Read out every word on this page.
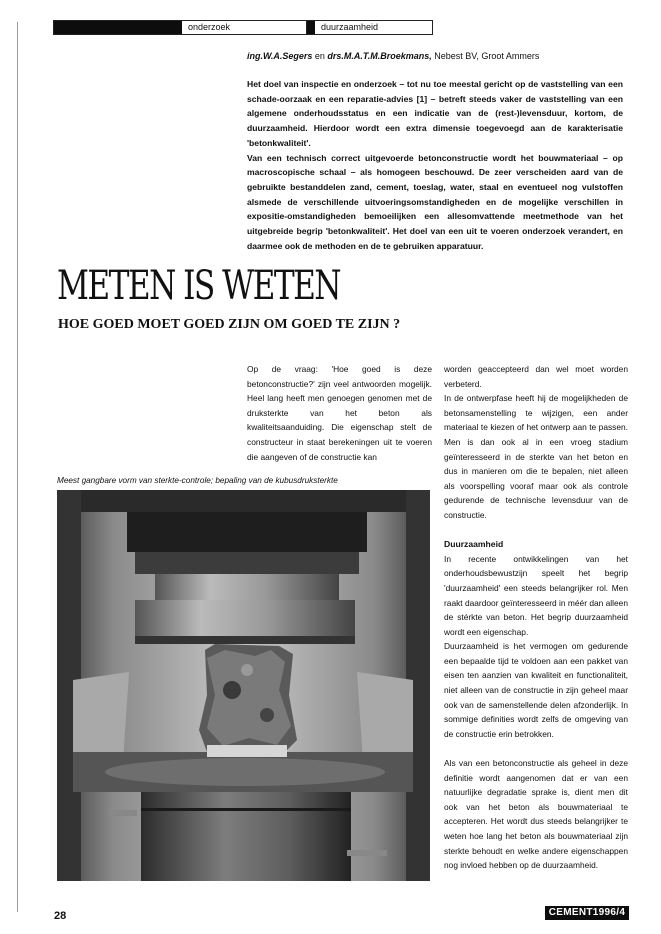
onderzoek	duurzaamheid
ing.W.A.Segers en drs.M.A.T.M.Broekmans, Nebest BV, Groot Ammers

Het doel van inspectie en onderzoek – tot nu toe meestal gericht op de vaststelling van een schade-oorzaak en een reparatie-advies [1] – betreft steeds vaker de vaststelling van een algemene onderhoudsstatus en een indicatie van de (rest-)levensduur, kortom, de duurzaamheid. Hierdoor wordt een extra dimensie toegevoegd aan de karakterisatie 'betonkwaliteit'.

Van een technisch correct uitgevoerde betonconstructie wordt het bouwmateriaal – op macroscopische schaal – als homogeen beschouwd. De zeer verscheiden aard van de gebruikte bestanddelen zand, cement, toeslag, water, staal en eventueel nog vulstoffen alsmede de verschillende uitvoeringsomstandigheden en de mogelijke verschillen in expositie-omstandigheden bemoeilijken een allesomvattende meetmethode van het uitgebreide begrip 'betonkwaliteit'. Het doel van een uit te voeren onderzoek verandert, en daarmee ook de methoden en de te gebruiken apparatuur.

METEN IS WETEN
HOE GOED MOET GOED ZIJN OM GOED TE ZIJN ?
Op de vraag: 'Hoe goed is deze betonconstructie?' zijn veel antwoorden mogelijk. Heel lang heeft men genoegen genomen met de druksterkte van het beton als kwaliteitsaanduiding. Die eigenschap stelt de constructeur in staat berekeningen uit te voeren die aangeven of de constructie kan
Meest gangbare vorm van sterkte-controle; bepaling van de kubusdruksterkte

worden geaccepteerd dan wel moet worden verbeterd.

In de ontwerpfase heeft hij de mogelijkheden de betonsamenstelling te wijzigen, een ander materiaal te kiezen of het ontwerp aan te passen. Men is dan ook al in een vroeg stadium geïnteresseerd in de sterkte van het beton en dus in manieren om die te bepalen, niet alleen als voorspelling vooraf maar ook als controle gedurende de technische levensduur van de constructie.

Duurzaamheid

In recente ontwikkelingen van het onderhoudsbewustzijn speelt het begrip 'duurzaamheid' een steeds belangrijker rol. Men raakt daardoor geïnteresseerd in méér dan alleen de stérkte van beton. Het begrip duurzaamheid wordt een eigenschap.

Duurzaamheid is het vermogen om gedurende een bepaalde tijd te voldoen aan een pakket van eisen ten aanzien van kwaliteit en functionaliteit, niet alleen van de constructie in zijn geheel maar ook van de samenstellende delen afzonderlijk. In sommige definities wordt zelfs de omgeving van de constructie erin betrokken.

Als van een betonconstructie als geheel in deze definitie wordt aangenomen dat er van een natuurlijke degradatie sprake is, dient men dit ook van het beton als bouwmateriaal te accepteren. Het wordt dus steeds belangrijker te weten hoe lang het beton als bouwmateriaal zijn sterkte behoudt en welke andere eigenschappen nog invloed hebben op de duurzaamheid.

28	CEMENT1996/4
